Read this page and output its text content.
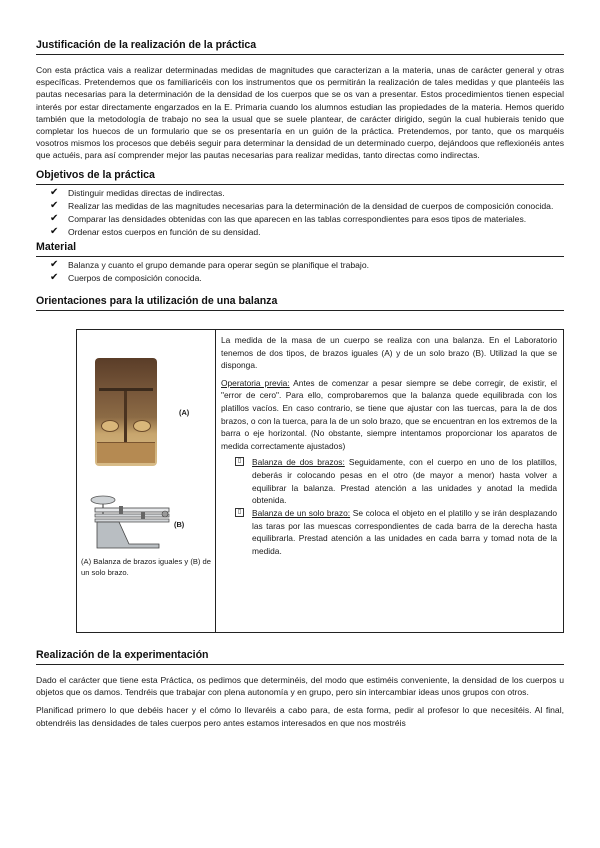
Justificación de la realización de la práctica

Con esta práctica vais a realizar determinadas medidas de magnitudes que caracterizan a la materia, unas de carácter general y otras específicas. Pretendemos que os familiaricéis con los instrumentos que os permitirán la realización de tales medidas y que planteéis las pautas necesarias para la determinación de la densidad de los cuerpos que se os van a presentar. Estos procedimientos tienen especial interés por estar directamente engarzados en la E. Primaria cuando los alumnos estudian las propiedades de la materia. Hemos querido también que la metodología de trabajo no sea la usual que se suele plantear, de carácter dirigido, según la cual hubierais tenido que completar los huecos de un formulario que se os presentaría en un guión de la práctica. Pretendemos, por tanto, que os marquéis vosotros mismos los procesos que debéis seguir para determinar la densidad de un determinado cuerpo, dejándoos que reflexionéis antes que actuéis, para así comprender mejor las pautas necesarias para realizar medidas, tanto directas como indirectas.

Objetivos de la práctica
✔ Distinguir medidas directas de indirectas.
✔ Realizar las medidas de las magnitudes necesarias para la determinación de la densidad de cuerpos de composición conocida.
✔ Comparar las densidades obtenidas con las que aparecen en las tablas correspondientes para esos tipos de materiales.
✔ Ordenar estos cuerpos en función de su densidad.
Material
✔ Balanza y cuanto el grupo demande para operar según se planifique el trabajo.
✔ Cuerpos de composición conocida.
Orientaciones para la utilización de una balanza
(A)
(B)
(A) Balanza de brazos iguales y (B) de un solo brazo.

La medida de la masa de un cuerpo se realiza con una balanza. En el Laboratorio tenemos de dos tipos, de brazos iguales (A) y de un solo brazo (B). Utilizad la que se disponga.

Operatoria previa: Antes de comenzar a pesar siempre se debe corregir, de existir, el "error de cero". Para ello, comprobaremos que la balanza quede equilibrada con los platillos vacíos. En caso contrario, se tiene que ajustar con las tuercas, para la de dos brazos, o con la tuerca, para la de un solo brazo, que se encuentran en los extremos de la barra o eje horizontal. (No obstante, siempre intentamos proporcionar los aparatos de medida correctamente ajustados)

▯	Balanza de dos brazos: Seguidamente, con el cuerpo en uno de los platillos, deberás ir colocando pesas en el otro (de mayor a menor) hasta volver a equilibrar la balanza. Prestad atención a las unidades y anotad la medida obtenida.
▯	Balanza de un solo brazo: Se coloca el objeto en el platillo y se irán desplazando las taras por las muescas correspondientes de cada barra de la derecha hasta equilibrarla. Prestad atención a las unidades en cada barra y tomad nota de la medida.
Realización de la experimentación

Dado el carácter que tiene esta Práctica, os pedimos que determinéis, del modo que estiméis conveniente, la densidad de los cuerpos u objetos que os damos. Tendréis que trabajar con plena autonomía y en grupo, pero sin intercambiar ideas unos grupos con otros.

Planificad primero lo que debéis hacer y el cómo lo llevaréis a cabo para, de esta forma, pedir al profesor lo que necesitéis. Al final, obtendréis las densidades de tales cuerpos pero antes estamos interesados en que nos mostréis
